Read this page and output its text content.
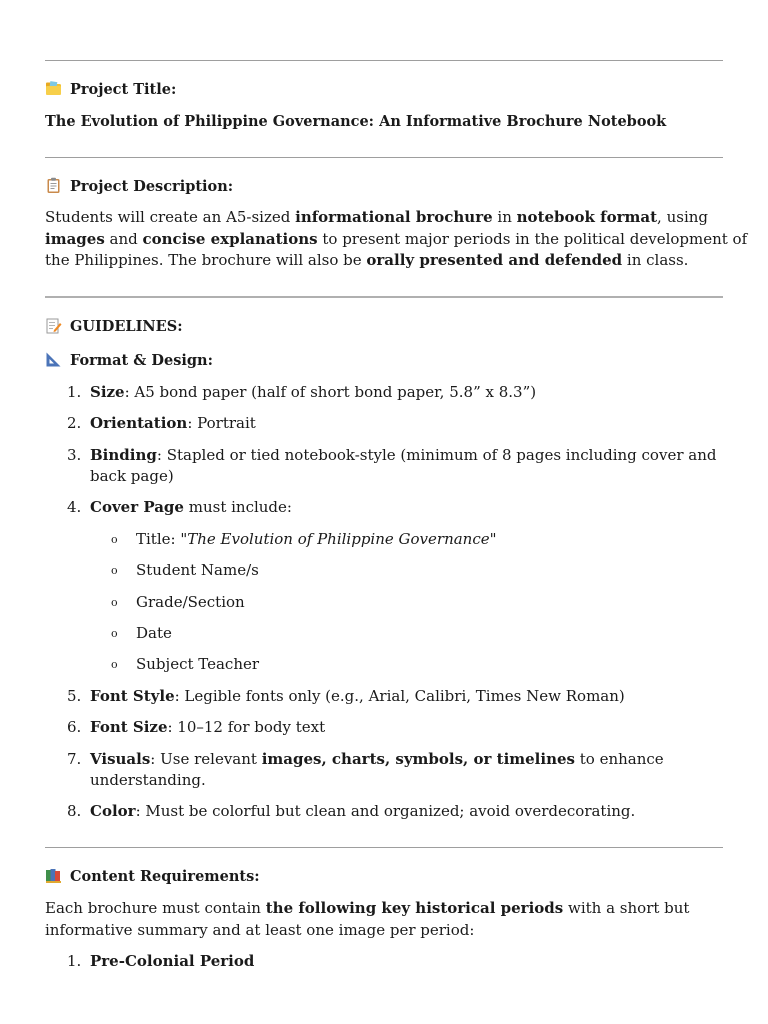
Project Title:
The Evolution of Philippine Governance: An Informative Brochure Notebook
Project Description:
Students will create an A5-sized informational brochure in notebook format, using
images and concise explanations to present major periods in the political development of
the Philippines. The brochure will also be orally presented and defended in class.
GUIDELINES:
Format & Design:
1. Size: A5 bond paper (half of short bond paper, 5.8” x 8.3”)
2. Orientation: Portrait
3. Binding: Stapled or tied notebook-style (minimum of 8 pages including cover and
back page)
4. Cover Page must include:
o Title: "The Evolution of Philippine Governance"
o Student Name/s
o Grade/Section
o Date
o Subject Teacher
5. Font Style: Legible fonts only (e.g., Arial, Calibri, Times New Roman)
6. Font Size: 10–12 for body text
7. Visuals: Use relevant images, charts, symbols, or timelines to enhance
understanding.
8. Color: Must be colorful but clean and organized; avoid overdecorating.
Content Requirements:
Each brochure must contain the following key historical periods with a short but
informative summary and at least one image per period:
1. Pre-Colonial Period
